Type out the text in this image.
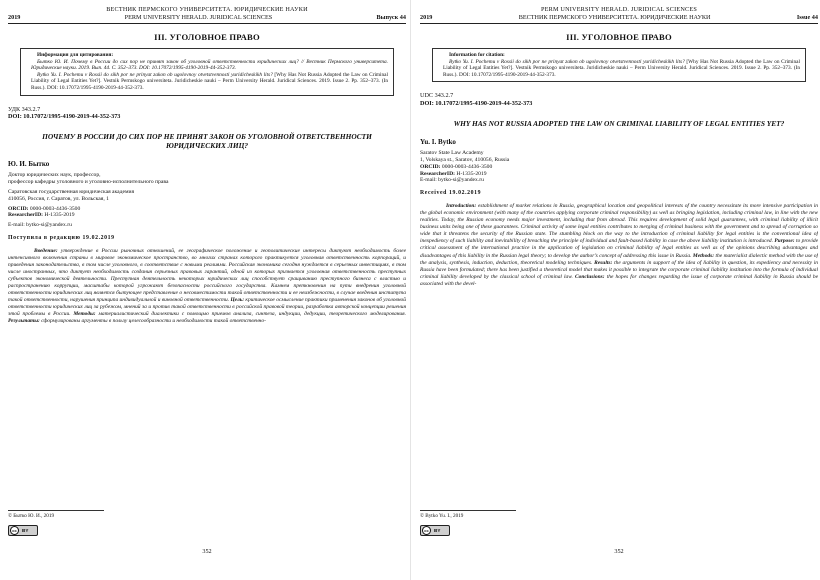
ВЕСТНИК ПЕРМСКОГО УНИВЕРСИТЕТА. ЮРИДИЧЕСКИЕ НАУКИ
2019	PERM UNIVERSITY HERALD. JURIDICAL SCIENCES	Выпуск 44
III. УГОЛОВНОЕ ПРАВО
Информация для цитирования:

Бытко Ю. И. Почему в России до сих пор не принят закон об уголовной ответственности юридических лиц? // Вестник Пермского университета. Юридические науки. 2019. Вып. 44. С. 352–373. DOI: 10.17072/1995-4190-2019-44-352-373.

Bytko Yu. I. Pochemu v Rossii do sikh por ne prinyat zakon ob ugolovnoy otvetstvennosti yuridicheskikh lits? [Why Has Not Russia Adopted the Law on Criminal Liability of Legal Entities Yet?]. Vestnik Permskogo universiteta. Juridicheskie nauki – Perm University Herald. Juridical Sciences. 2019. Issue 2. Pp. 352–373. (In Russ.). DOI: 10.17072/1995-4190-2019-44-352-373.

УДК 343.2.7
DOI: 10.17072/1995-4190-2019-44-352-373
ПОЧЕМУ В РОССИИ ДО СИХ ПОР НЕ ПРИНЯТ ЗАКОН ОБ УГОЛОВНОЙ ОТВЕТСТВЕННОСТИ ЮРИДИЧЕСКИХ ЛИЦ?
Ю. И. Бытко

Доктор юридических наук, профессор,

профессор кафедры уголовного и уголовно-исполнительного права

Саратовская государственная юридическая академия

410056, Россия, г. Саратов, ул. Вольская, 1

ORCID: 0000-0003-4436-3500

ResearcherID: H-1335-2019

E-mail: bytko-si@yandex.ru

Поступила в редакцию 19.02.2019
Введение: утверждение в России рыночных отношений, ее географическое положение и геополитические интересы диктуют необходимость более интенсивного включения страны в мировое экономическое пространство, во многих странах которого практикуется уголовная ответственность корпораций, и приведения законодательства, в том числе уголовного, в соответствие с новыми реалиями. Российская экономика сегодня нуждается в серьезных инвестициях, в том числе иностранных, что диктует необходимость создания серьезных правовых гарантий, одной из которых признается уголовная ответственность преступных субъектов экономической деятельности. Преступная деятельность некоторых юридических лиц способствует сращиванию преступного бизнеса с властью и распространению коррупции, масштабы которой угрожают безопасности российского государства. Камнем преткновения на пути внедрения уголовной ответственности юридических лиц является бытующее представление о несовместимости такой ответственности и ее неизбежности, в случае введения института такой ответственности, нарушения принципа индивидуальной и виновной ответственности. Цель: критическое осмысление практики применения законов об уголовной ответственности юридических лиц за рубежом, мнений за и против такой ответственности в российской правовой теории, разработка авторской концепции решения этой проблемы в России. Методы: материалистический диалектики с помощью приемов анализа, синтеза, индукции, дедукции, теоретического моделирования. Результаты: сформулированы аргументы в пользу целесообразности и необходимости такой ответственно-
© Бытко Ю. И., 2019
cc	BY
352
PERM UNIVERSITY HERALD. JURIDICAL SCIENCES
2019	ВЕСТНИК ПЕРМСКОГО УНИВЕРСИТЕТА. ЮРИДИЧЕСКИЕ НАУКИ	Issue 44
III. УГОЛОВНОЕ ПРАВО
Information for citation:

Bytko Yu. I. Pochemu v Rossii do sikh por ne prinyat zakon ob ugolovnoy otvetstvennosti yuridicheskikh lits? [Why Has Not Russia Adopted the Law on Criminal Liability of Legal Entities Yet?]. Vestnik Permskogo universiteta. Juridicheskie nauki – Perm University Herald. Juridical Sciences. 2019. Issue 2. Pp. 352–373. (In Russ.). DOI: 10.17072/1995-4190-2019-44-352-373.

UDC 343.2.7
DOI: 10.17072/1995-4190-2019-44-352-373
WHY HAS NOT RUSSIA ADOPTED THE LAW ON CRIMINAL LIABILITY OF LEGAL ENTITIES YET?
Yu. I. Bytko

Saratov State Law Academy

1, Volskaya st., Saratov, 410056, Russia

ORCID: 0000-0003-4436-3500

ResearcherID: H-1335-2019

E-mail: bytko-si@yandex.ru

Received 19.02.2019
Introduction: establishment of market relations in Russia, geographical location and geopolitical interests of the country necessitate its more intensive participation in the global economic environment (with many of the countries applying corporate criminal responsibility) as well as bringing legislation, including criminal law, in line with the new realities. Today, the Russian economy needs major investment, including that from abroad. This requires development of solid legal guarantees, with criminal liability of illicit business units being one of these guarantees. Criminal activity of some legal entities contributes to merging of criminal business with the government and to spread of corruption so wide that it threatens the security of the Russian state. The stumbling block on the way to the introduction of criminal liability for legal entities is the conventional idea of inexpediency of such liability and inevitability of breaching the principle of individual and fault-based liability in case the above liability institution is introduced. Purpose: to provide critical assessment of the international practice in the application of legislation on criminal liability of legal entities as well as of the opinions describing advantages and disadvantages of this liability in the Russian legal theory; to develop the author’s concept of addressing this issue in Russia. Methods: the materialist dialectic method with the use of the analysis, synthesis, induction, deduction, theoretical modeling techniques. Results: the arguments in support of the idea of liability in question, its expediency and necessity in Russia have been formulated; there has been justified a theoretical model that makes it possible to integrate the corporate criminal liability institution into the formula of individual criminal liability developed by the classical school of criminal law. Conclusions: the hopes for changes regarding the issue of corporate criminal liability in Russia should be associated with the devel-
© Bytko Yu. I., 2019
cc	BY
352
